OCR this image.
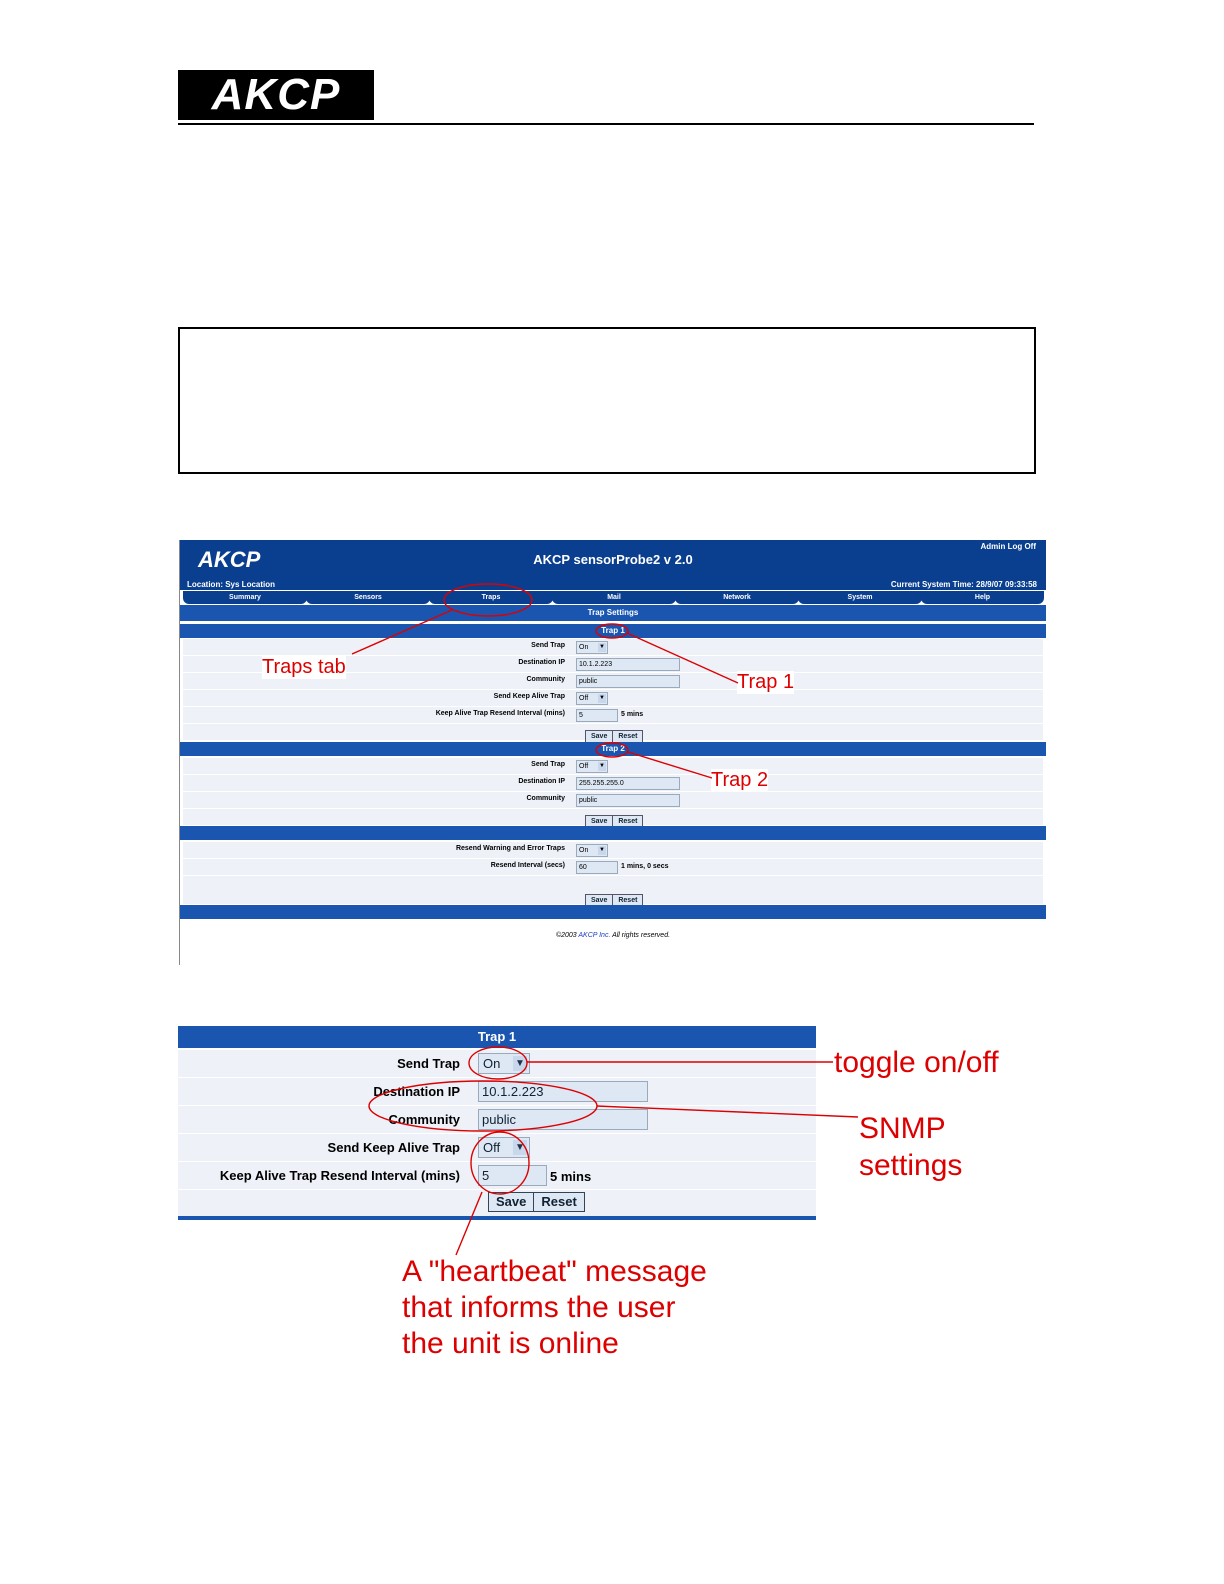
AKCP
AKCP	AKCP sensorProbe2 v 2.0
Admin Log Off
Location: Sys Location	Current System Time: 28/9/07 09:33:58
Summary	Sensors	Traps	Mail	Network	System	Help
Trap Settings
Trap 1
Send Trap	On ▼
Destination IP	10.1.2.223
Community	public
Send Keep Alive Trap	Off ▼
Keep Alive Trap Resend Interval (mins)	5	5 mins
Save Reset
Trap 2
Send Trap	Off ▼
Destination IP	255.255.255.0
Community	public
Save Reset
Resend Warning and Error Traps	On ▼
Resend Interval (secs)	60	1 mins, 0 secs
Save Reset
©2003 AKCP Inc. All rights reserved.
Traps tab
Trap 1
Trap 2
Trap 1
Send Trap	On ▼
Destination IP	10.1.2.223
Community	public
Send Keep Alive Trap	Off ▼
Keep Alive Trap Resend Interval (mins)	5	5 mins
Save Reset
toggle on/off
SNMP
settings
A "heartbeat" message
that informs the user
the unit is online
